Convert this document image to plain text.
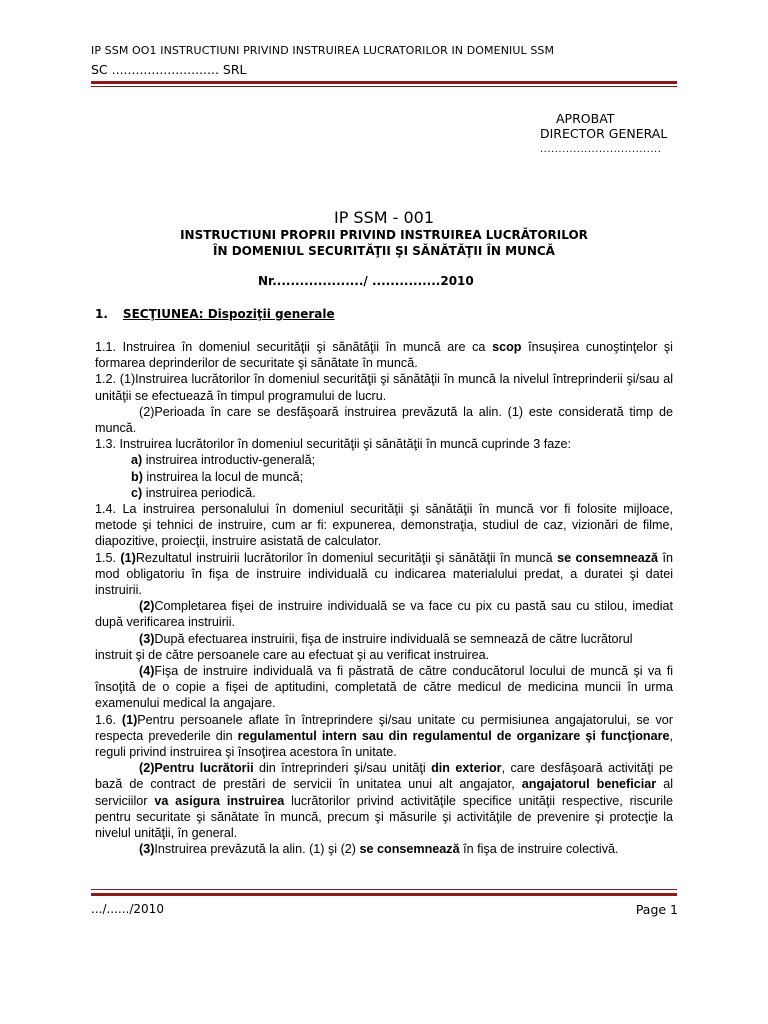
IP SSM OO1 INSTRUCTIUNI PRIVIND INSTRUIREA LUCRATORILOR IN DOMENIUL SSM
SC ........................... SRL
APROBAT
DIRECTOR GENERAL
.................................
IP SSM - 001
INSTRUCTIUNI PROPRII PRIVIND INSTRUIREA LUCRĂTORILOR
ÎN DOMENIUL SECURITĂŢII ŞI SĂNĂTĂŢII ÎN MUNCĂ
Nr..................../ ...............2010
1. SECŢIUNEA: Dispoziţii generale

1.1. Instruirea în domeniul securităţii şi sănătăţii în muncă are ca scop însuşirea cunoştinţelor şi formarea deprinderilor de securitate şi sănătate în muncă.

1.2. (1)Instruirea lucrătorilor în domeniul securităţii şi sănătăţii în muncă la nivelul întreprinderii şi/sau al unităţii se efectuează în timpul programului de lucru.

(2)Perioada în care se desfăşoară instruirea prevăzută la alin. (1) este considerată timp de muncă.

1.3. Instruirea lucrătorilor în domeniul securităţii şi sănătăţii în muncă cuprinde 3 faze:

a) instruirea introductiv-generală;

b) instruirea la locul de muncă;

c) instruirea periodică.

1.4. La instruirea personalului în domeniul securităţii şi sănătăţii în muncă vor fi folosite mijloace, metode şi tehnici de instruire, cum ar fi: expunerea, demonstraţia, studiul de caz, vizionări de filme, diapozitive, proiecţii, instruire asistată de calculator.

1.5. (1)Rezultatul instruirii lucrătorilor în domeniul securităţii şi sănătăţii în muncă se consemnează în mod obligatoriu în fişa de instruire individuală cu indicarea materialului predat, a duratei şi datei instruirii.

(2)Completarea fişei de instruire individuală se va face cu pix cu pastă sau cu stilou, imediat după verificarea instruirii.

(3)După efectuarea instruirii, fişa de instruire individuală se semnează de către lucrătorul

instruit şi de către persoanele care au efectuat şi au verificat instruirea.

(4)Fişa de instruire individuală va fi păstrată de către conducătorul locului de muncă şi va fi însoţită de o copie a fişei de aptitudini, completată de către medicul de medicina muncii în urma examenului medical la angajare.

1.6. (1)Pentru persoanele aflate în întreprindere şi/sau unitate cu permisiunea angajatorului, se vor respecta prevederile din regulamentul intern sau din regulamentul de organizare şi funcţionare, reguli privind instruirea şi însoţirea acestora în unitate.

(2)Pentru lucrătorii din întreprinderi şi/sau unităţi din exterior, care desfăşoară activităţi pe bază de contract de prestări de servicii în unitatea unui alt angajator, angajatorul beneficiar al serviciilor va asigura instruirea lucrătorilor privind activităţile specifice unităţii respective, riscurile pentru securitate şi sănătate în muncă, precum şi măsurile şi activităţile de prevenire şi protecţie la nivelul unităţii, în general.

(3)Instruirea prevăzută la alin. (1) şi (2) se consemnează în fişa de instruire colectivă.

.../....../2010	Page 1
